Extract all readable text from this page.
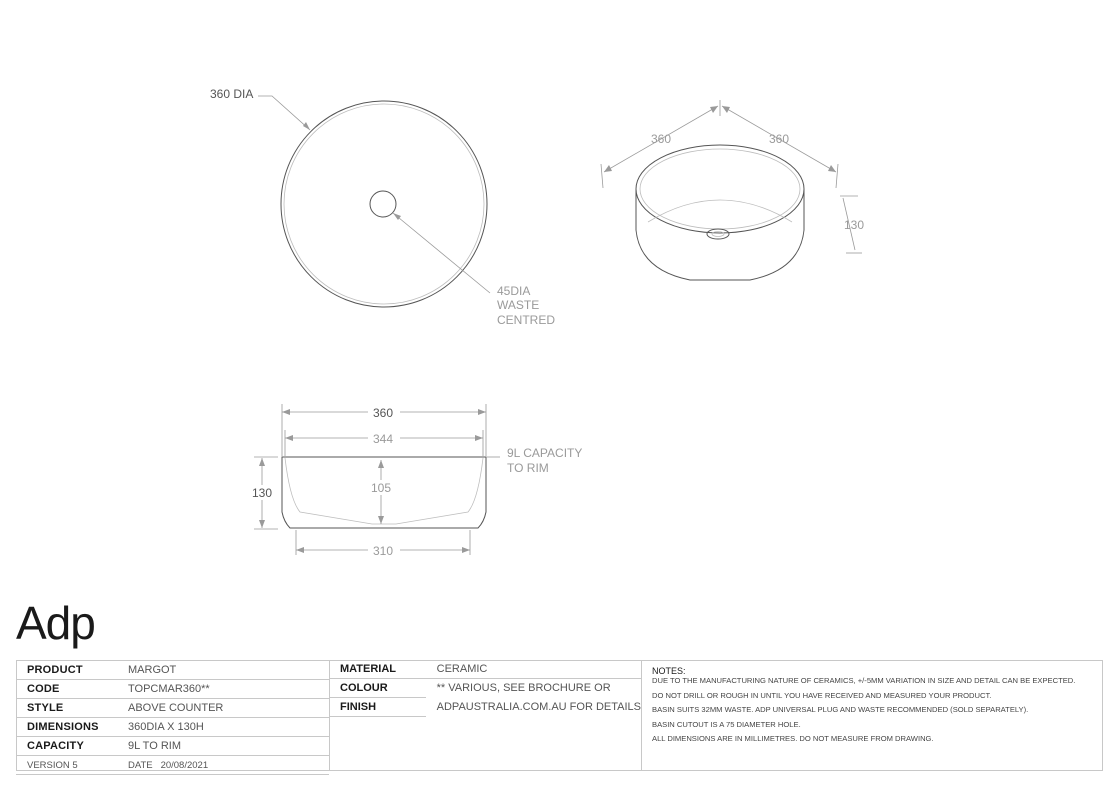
360 DIA
45DIA
WASTE
CENTRED
360	360
130
360
344
105
130
310
9L CAPACITY
TO RIM
Adp
PRODUCT	MARGOT
CODE	TOPCMAR360**
STYLE	ABOVE COUNTER
DIMENSIONS	360DIA X 130H
CAPACITY	9L TO RIM
VERSION 5	DATE 20/08/2021
MATERIAL	CERAMIC
COLOUR	** VARIOUS, SEE BROCHURE OR
FINISH	ADPAUSTRALIA.COM.AU FOR DETAILS
NOTES:
DUE TO THE MANUFACTURING NATURE OF CERAMICS, +/-5MM VARIATION IN SIZE AND DETAIL CAN BE EXPECTED.
DO NOT DRILL OR ROUGH IN UNTIL YOU HAVE RECEIVED AND MEASURED YOUR PRODUCT.
BASIN SUITS 32MM WASTE. ADP UNIVERSAL PLUG AND WASTE RECOMMENDED (SOLD SEPARATELY).
BASIN CUTOUT IS A 75 DIAMETER HOLE.
ALL DIMENSIONS ARE IN MILLIMETRES. DO NOT MEASURE FROM DRAWING.
